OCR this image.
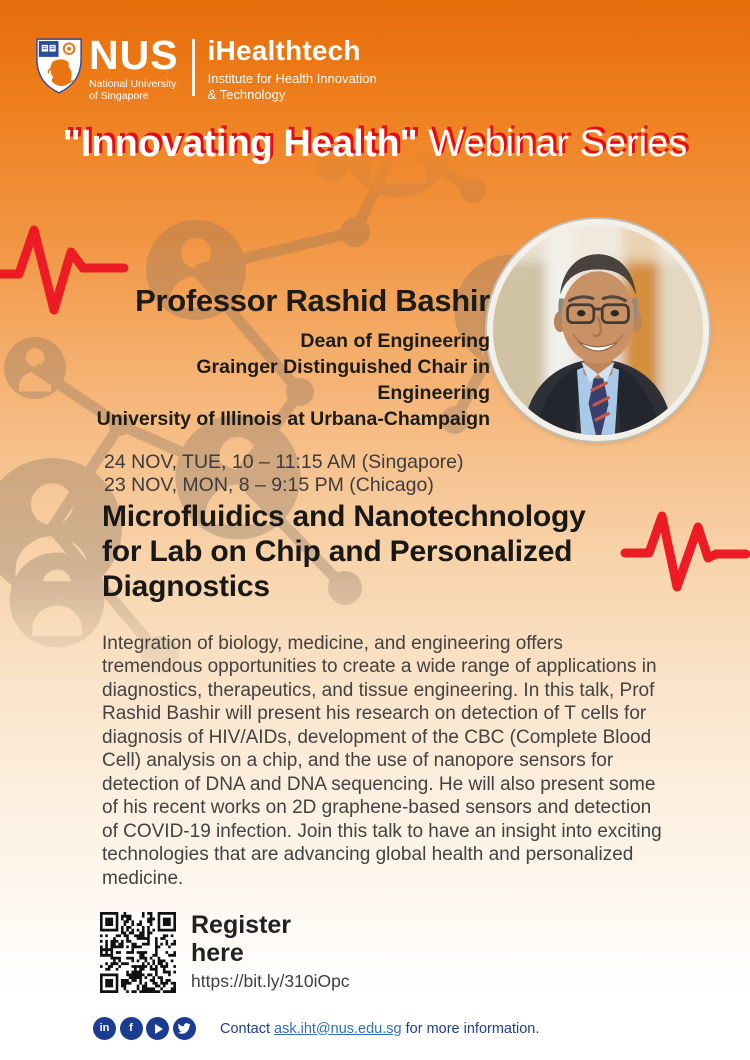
NUS
National University
of Singapore
iHealthtech
Institute for Health Innovation
& Technology
"Innovating Health" Webinar Series
Professor Rashid Bashir
Dean of Engineering
Grainger Distinguished Chair in Engineering
University of Illinois at Urbana-Champaign
24 NOV, TUE, 10 – 11:15 AM (Singapore)
23 NOV, MON, 8 – 9:15 PM (Chicago)
Microfluidics and Nanotechnology
for Lab on Chip and Personalized
Diagnostics
Integration of biology, medicine, and engineering offers tremendous opportunities to create a wide range of applications in diagnostics, therapeutics, and tissue engineering. In this talk, Prof Rashid Bashir will present his research on detection of T cells for diagnosis of HIV/AIDs, development of the CBC (Complete Blood Cell) analysis on a chip, and the use of nanopore sensors for detection of DNA and DNA sequencing. He will also present some of his recent works on 2D graphene-based sensors and detection of COVID-19 infection. Join this talk to have an insight into exciting technologies that are advancing global health and personalized medicine.
Register
here
https://bit.ly/310iOpc
in f	Contact ask.iht@nus.edu.sg for more information.
